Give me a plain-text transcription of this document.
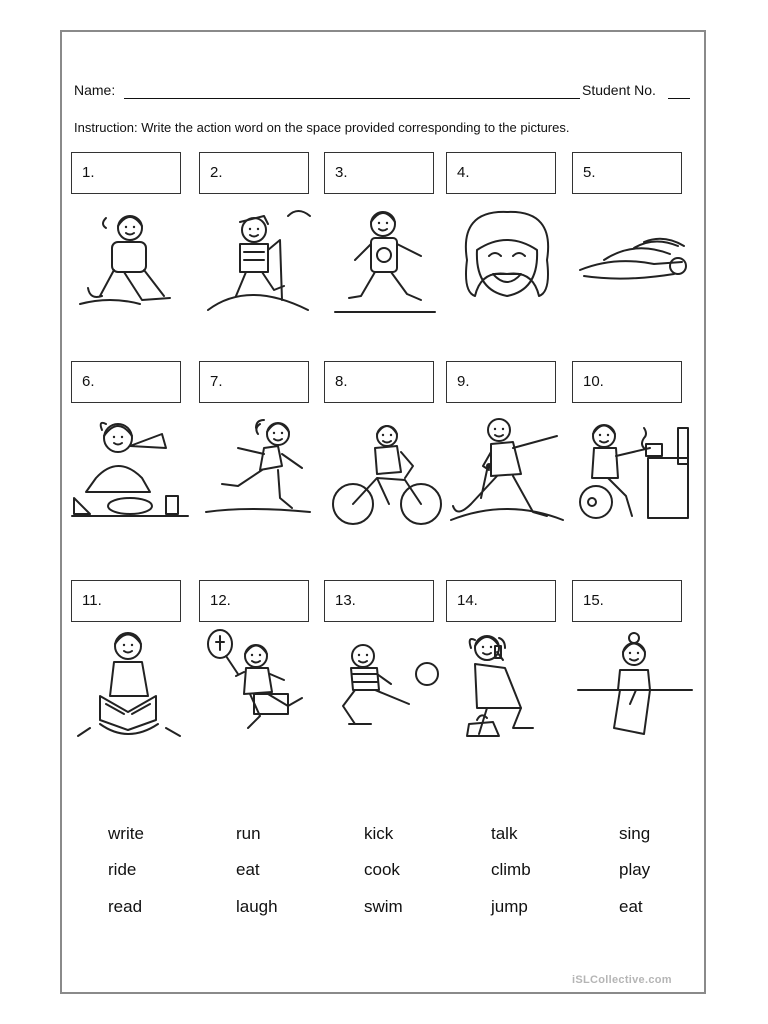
Name:	Student No.
Instruction: Write the action word on the space provided corresponding to the pictures.
1.	2.	3.	4.	5.
6.	7.	8.	9.	10.
11.	12.	13.	14.	15.
write	run	kick	talk	sing
ride	eat	cook	climb	play
read	laugh	swim	jump	eat
iSLCollective.com
